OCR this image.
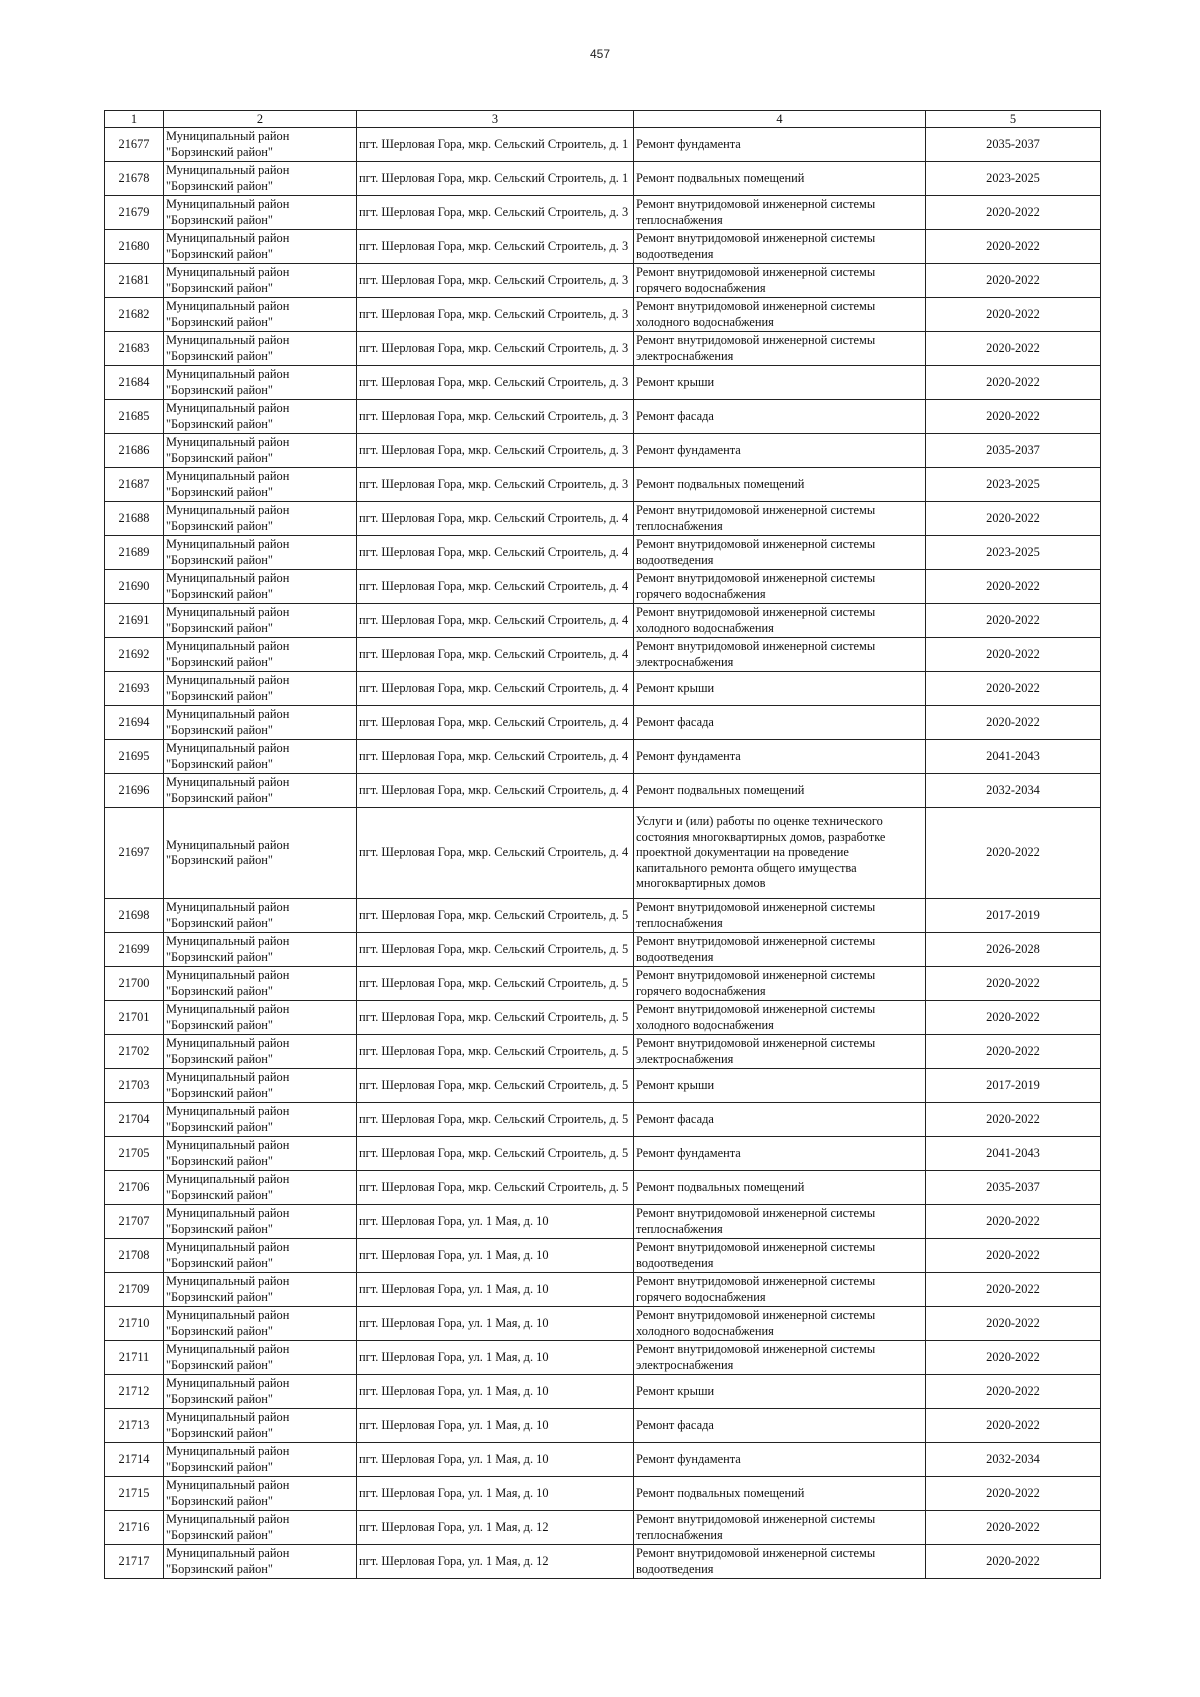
457
1	2	3	4	5
21677	Муниципальный район "Борзинский район"	пгт. Шерловая Гора, мкр. Сельский Строитель, д. 1	Ремонт фундамента	2035-2037
21678	Муниципальный район "Борзинский район"	пгт. Шерловая Гора, мкр. Сельский Строитель, д. 1	Ремонт подвальных помещений	2023-2025
21679	Муниципальный район "Борзинский район"	пгт. Шерловая Гора, мкр. Сельский Строитель, д. 3	Ремонт внутридомовой инженерной системы теплоснабжения	2020-2022
21680	Муниципальный район "Борзинский район"	пгт. Шерловая Гора, мкр. Сельский Строитель, д. 3	Ремонт внутридомовой инженерной системы водоотведения	2020-2022
21681	Муниципальный район "Борзинский район"	пгт. Шерловая Гора, мкр. Сельский Строитель, д. 3	Ремонт внутридомовой инженерной системы горячего водоснабжения	2020-2022
21682	Муниципальный район "Борзинский район"	пгт. Шерловая Гора, мкр. Сельский Строитель, д. 3	Ремонт внутридомовой инженерной системы холодного водоснабжения	2020-2022
21683	Муниципальный район "Борзинский район"	пгт. Шерловая Гора, мкр. Сельский Строитель, д. 3	Ремонт внутридомовой инженерной системы электроснабжения	2020-2022
21684	Муниципальный район "Борзинский район"	пгт. Шерловая Гора, мкр. Сельский Строитель, д. 3	Ремонт крыши	2020-2022
21685	Муниципальный район "Борзинский район"	пгт. Шерловая Гора, мкр. Сельский Строитель, д. 3	Ремонт фасада	2020-2022
21686	Муниципальный район "Борзинский район"	пгт. Шерловая Гора, мкр. Сельский Строитель, д. 3	Ремонт фундамента	2035-2037
21687	Муниципальный район "Борзинский район"	пгт. Шерловая Гора, мкр. Сельский Строитель, д. 3	Ремонт подвальных помещений	2023-2025
21688	Муниципальный район "Борзинский район"	пгт. Шерловая Гора, мкр. Сельский Строитель, д. 4	Ремонт внутридомовой инженерной системы теплоснабжения	2020-2022
21689	Муниципальный район "Борзинский район"	пгт. Шерловая Гора, мкр. Сельский Строитель, д. 4	Ремонт внутридомовой инженерной системы водоотведения	2023-2025
21690	Муниципальный район "Борзинский район"	пгт. Шерловая Гора, мкр. Сельский Строитель, д. 4	Ремонт внутридомовой инженерной системы горячего водоснабжения	2020-2022
21691	Муниципальный район "Борзинский район"	пгт. Шерловая Гора, мкр. Сельский Строитель, д. 4	Ремонт внутридомовой инженерной системы холодного водоснабжения	2020-2022
21692	Муниципальный район "Борзинский район"	пгт. Шерловая Гора, мкр. Сельский Строитель, д. 4	Ремонт внутридомовой инженерной системы электроснабжения	2020-2022
21693	Муниципальный район "Борзинский район"	пгт. Шерловая Гора, мкр. Сельский Строитель, д. 4	Ремонт крыши	2020-2022
21694	Муниципальный район "Борзинский район"	пгт. Шерловая Гора, мкр. Сельский Строитель, д. 4	Ремонт фасада	2020-2022
21695	Муниципальный район "Борзинский район"	пгт. Шерловая Гора, мкр. Сельский Строитель, д. 4	Ремонт фундамента	2041-2043
21696	Муниципальный район "Борзинский район"	пгт. Шерловая Гора, мкр. Сельский Строитель, д. 4	Ремонт подвальных помещений	2032-2034
21697	Муниципальный район "Борзинский район"	пгт. Шерловая Гора, мкр. Сельский Строитель, д. 4	Услуги и (или) работы по оценке технического состояния многоквартирных домов, разработке проектной документации на проведение капитального ремонта общего имущества многоквартирных домов	2020-2022
21698	Муниципальный район "Борзинский район"	пгт. Шерловая Гора, мкр. Сельский Строитель, д. 5	Ремонт внутридомовой инженерной системы теплоснабжения	2017-2019
21699	Муниципальный район "Борзинский район"	пгт. Шерловая Гора, мкр. Сельский Строитель, д. 5	Ремонт внутридомовой инженерной системы водоотведения	2026-2028
21700	Муниципальный район "Борзинский район"	пгт. Шерловая Гора, мкр. Сельский Строитель, д. 5	Ремонт внутридомовой инженерной системы горячего водоснабжения	2020-2022
21701	Муниципальный район "Борзинский район"	пгт. Шерловая Гора, мкр. Сельский Строитель, д. 5	Ремонт внутридомовой инженерной системы холодного водоснабжения	2020-2022
21702	Муниципальный район "Борзинский район"	пгт. Шерловая Гора, мкр. Сельский Строитель, д. 5	Ремонт внутридомовой инженерной системы электроснабжения	2020-2022
21703	Муниципальный район "Борзинский район"	пгт. Шерловая Гора, мкр. Сельский Строитель, д. 5	Ремонт крыши	2017-2019
21704	Муниципальный район "Борзинский район"	пгт. Шерловая Гора, мкр. Сельский Строитель, д. 5	Ремонт фасада	2020-2022
21705	Муниципальный район "Борзинский район"	пгт. Шерловая Гора, мкр. Сельский Строитель, д. 5	Ремонт фундамента	2041-2043
21706	Муниципальный район "Борзинский район"	пгт. Шерловая Гора, мкр. Сельский Строитель, д. 5	Ремонт подвальных помещений	2035-2037
21707	Муниципальный район "Борзинский район"	пгт. Шерловая Гора, ул. 1 Мая, д. 10	Ремонт внутридомовой инженерной системы теплоснабжения	2020-2022
21708	Муниципальный район "Борзинский район"	пгт. Шерловая Гора, ул. 1 Мая, д. 10	Ремонт внутридомовой инженерной системы водоотведения	2020-2022
21709	Муниципальный район "Борзинский район"	пгт. Шерловая Гора, ул. 1 Мая, д. 10	Ремонт внутридомовой инженерной системы горячего водоснабжения	2020-2022
21710	Муниципальный район "Борзинский район"	пгт. Шерловая Гора, ул. 1 Мая, д. 10	Ремонт внутридомовой инженерной системы холодного водоснабжения	2020-2022
21711	Муниципальный район "Борзинский район"	пгт. Шерловая Гора, ул. 1 Мая, д. 10	Ремонт внутридомовой инженерной системы электроснабжения	2020-2022
21712	Муниципальный район "Борзинский район"	пгт. Шерловая Гора, ул. 1 Мая, д. 10	Ремонт крыши	2020-2022
21713	Муниципальный район "Борзинский район"	пгт. Шерловая Гора, ул. 1 Мая, д. 10	Ремонт фасада	2020-2022
21714	Муниципальный район "Борзинский район"	пгт. Шерловая Гора, ул. 1 Мая, д. 10	Ремонт фундамента	2032-2034
21715	Муниципальный район "Борзинский район"	пгт. Шерловая Гора, ул. 1 Мая, д. 10	Ремонт подвальных помещений	2020-2022
21716	Муниципальный район "Борзинский район"	пгт. Шерловая Гора, ул. 1 Мая, д. 12	Ремонт внутридомовой инженерной системы теплоснабжения	2020-2022
21717	Муниципальный район "Борзинский район"	пгт. Шерловая Гора, ул. 1 Мая, д. 12	Ремонт внутридомовой инженерной системы водоотведения	2020-2022
